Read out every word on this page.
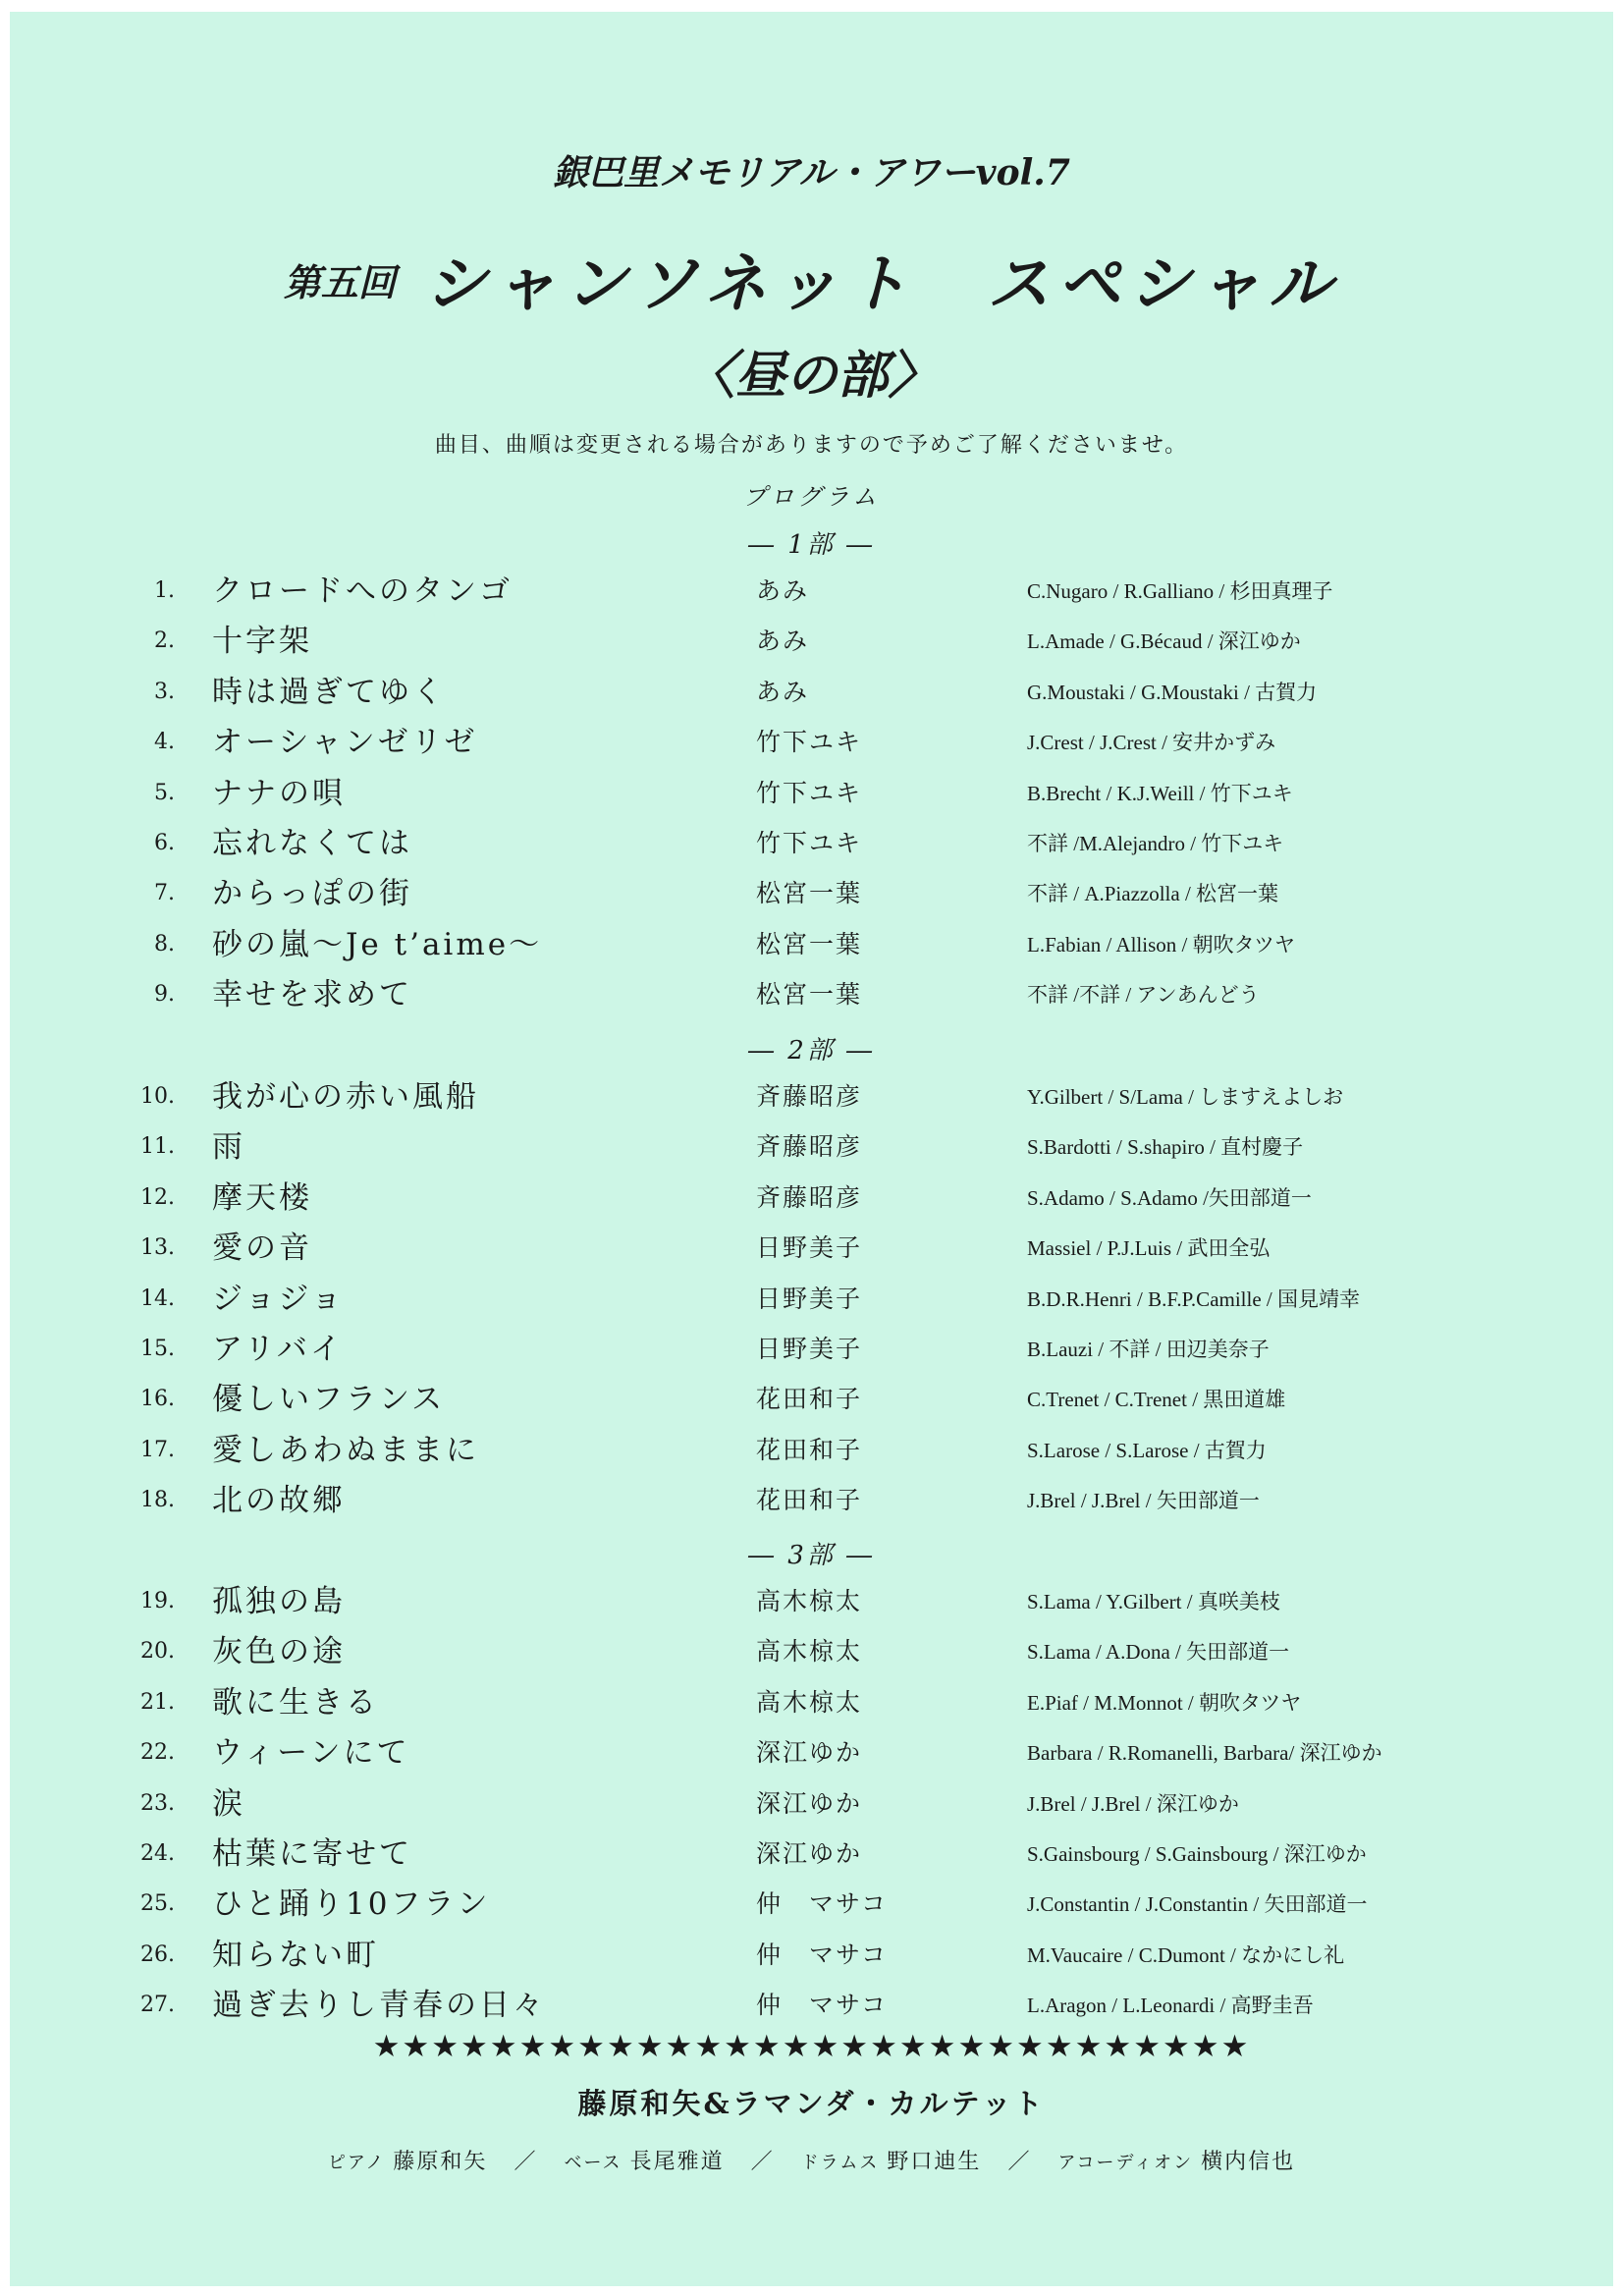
銀巴里メモリアル・アワーvol.7
第五回 シャンソネット　スペシャル
〈昼の部〉
曲目、曲順は変更される場合がありますので予めご了解くださいませ。
プログラム
― 1部 ―
― 2部 ―
― 3部 ―
1. クロードへのタンゴ	あみ	C.Nugaro / R.Galliano / 杉田真理子
2. 十字架	あみ	L.Amade / G.Bécaud / 深江ゆか
3. 時は過ぎてゆく	あみ	G.Moustaki / G.Moustaki / 古賀力
4. オーシャンゼリゼ	竹下ユキ	J.Crest / J.Crest / 安井かずみ
5. ナナの唄	竹下ユキ	B.Brecht / K.J.Weill / 竹下ユキ
6. 忘れなくては	竹下ユキ	不詳 /M.Alejandro / 竹下ユキ
7. からっぽの街	松宮一葉	不詳 / A.Piazzolla / 松宮一葉
8. 砂の嵐～Je t’aime～	松宮一葉	L.Fabian / Allison / 朝吹タツヤ
9. 幸せを求めて	松宮一葉	不詳 /不詳 / アンあんどう
10. 我が心の赤い風船	斉藤昭彦	Y.Gilbert / S/Lama / しますえよしお
11. 雨	斉藤昭彦	S.Bardotti / S.shapiro / 直村慶子
12. 摩天楼	斉藤昭彦	S.Adamo / S.Adamo /矢田部道一
13. 愛の音	日野美子	Massiel / P.J.Luis / 武田全弘
14. ジョジョ	日野美子	B.D.R.Henri / B.F.P.Camille / 国見靖幸
15. アリバイ	日野美子	B.Lauzi / 不詳 / 田辺美奈子
16. 優しいフランス	花田和子	C.Trenet / C.Trenet / 黒田道雄
17. 愛しあわぬままに	花田和子	S.Larose / S.Larose / 古賀力
18. 北の故郷	花田和子	J.Brel / J.Brel / 矢田部道一
19. 孤独の島	高木椋太	S.Lama / Y.Gilbert / 真咲美枝
20. 灰色の途	高木椋太	S.Lama / A.Dona / 矢田部道一
21. 歌に生きる	高木椋太	E.Piaf / M.Monnot / 朝吹タツヤ
22. ウィーンにて	深江ゆか	Barbara / R.Romanelli, Barbara/ 深江ゆか
23. 涙	深江ゆか	J.Brel / J.Brel / 深江ゆか
24. 枯葉に寄せて	深江ゆか	S.Gainsbourg / S.Gainsbourg / 深江ゆか
25. ひと踊り10フラン	仲　マサコ	J.Constantin / J.Constantin / 矢田部道一
26. 知らない町	仲　マサコ	M.Vaucaire / C.Dumont / なかにし礼
27. 過ぎ去りし青春の日々	仲　マサコ	L.Aragon / L.Leonardi / 高野圭吾
★★★★★★★★★★★★★★★★★★★★★★★★★★★★★★
藤原和矢&ラマンダ・カルテット
ピアノ 藤原和矢 ／ ベース 長尾雅道 ／ ドラムス 野口迪生 ／ アコーディオン 横内信也
